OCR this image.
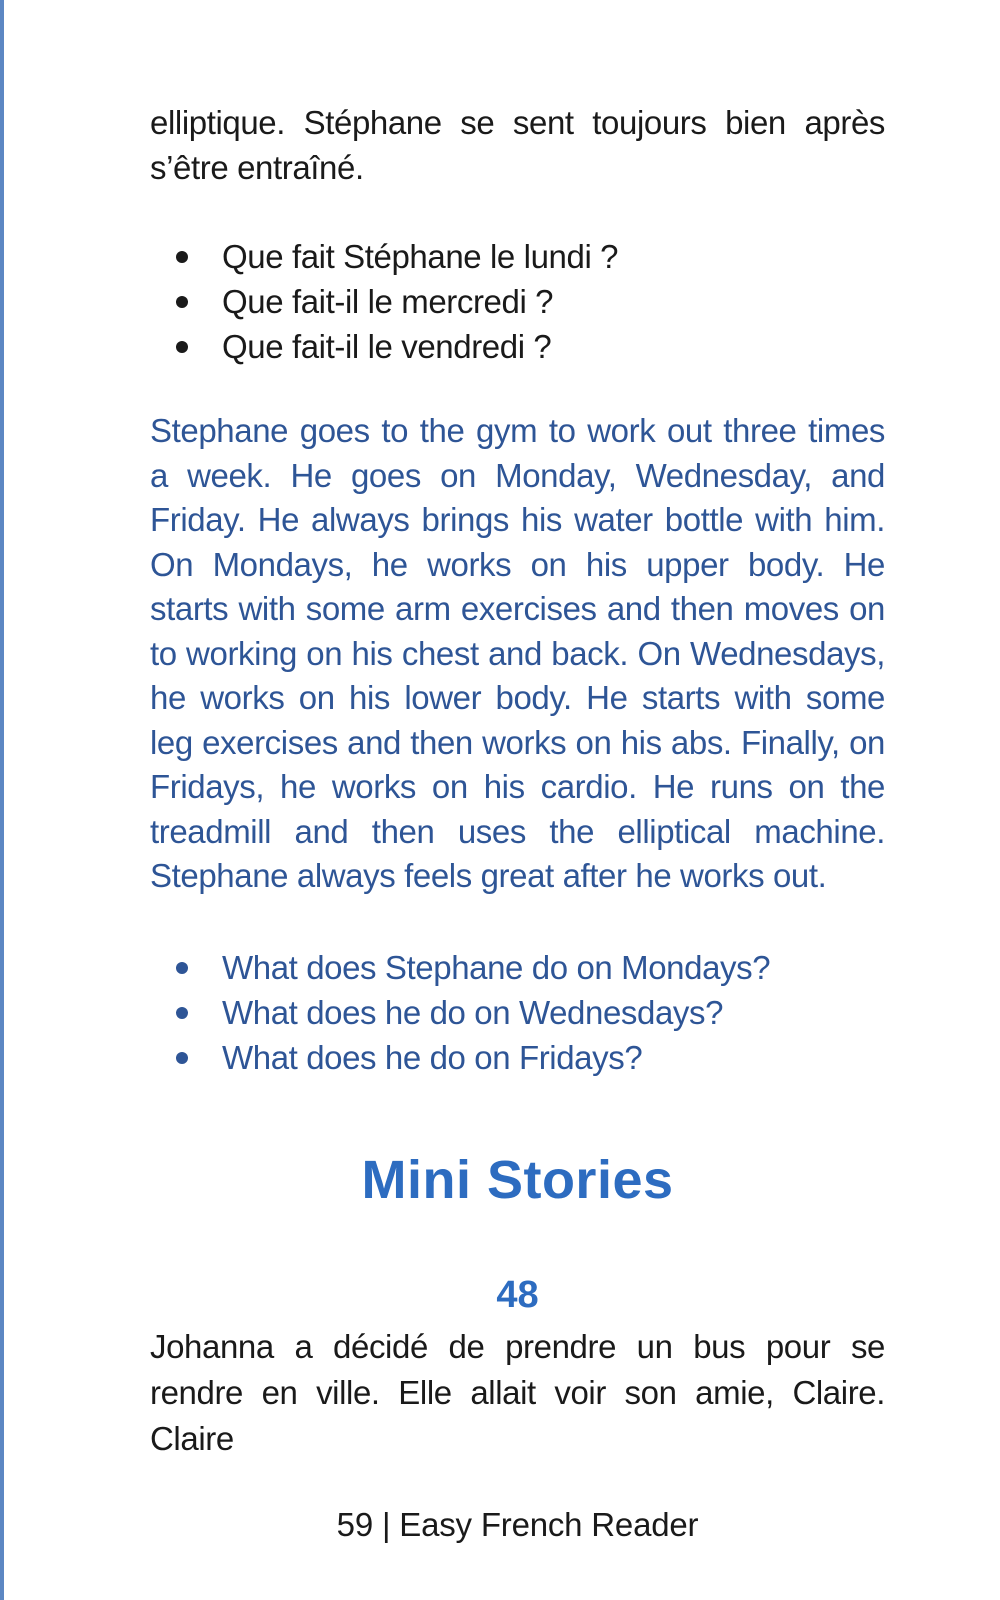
elliptique. Stéphane se sent toujours bien après s’être entraîné.

Que fait Stéphane le lundi ?
Que fait-il le mercredi ?
Que fait-il le vendredi ?

Stephane goes to the gym to work out three times a week. He goes on Monday, Wednesday, and Friday. He always brings his water bottle with him. On Mondays, he works on his upper body. He starts with some arm exercises and then moves on to working on his chest and back. On Wednesdays, he works on his lower body. He starts with some leg exercises and then works on his abs. Finally, on Fridays, he works on his cardio. He runs on the treadmill and then uses the elliptical machine. Stephane always feels great after he works out.

What does Stephane do on Mondays?
What does he do on Wednesdays?
What does he do on Fridays?
Mini Stories
48

Johanna a décidé de prendre un bus pour se rendre en ville. Elle allait voir son amie, Claire. Claire

59 | Easy French Reader
